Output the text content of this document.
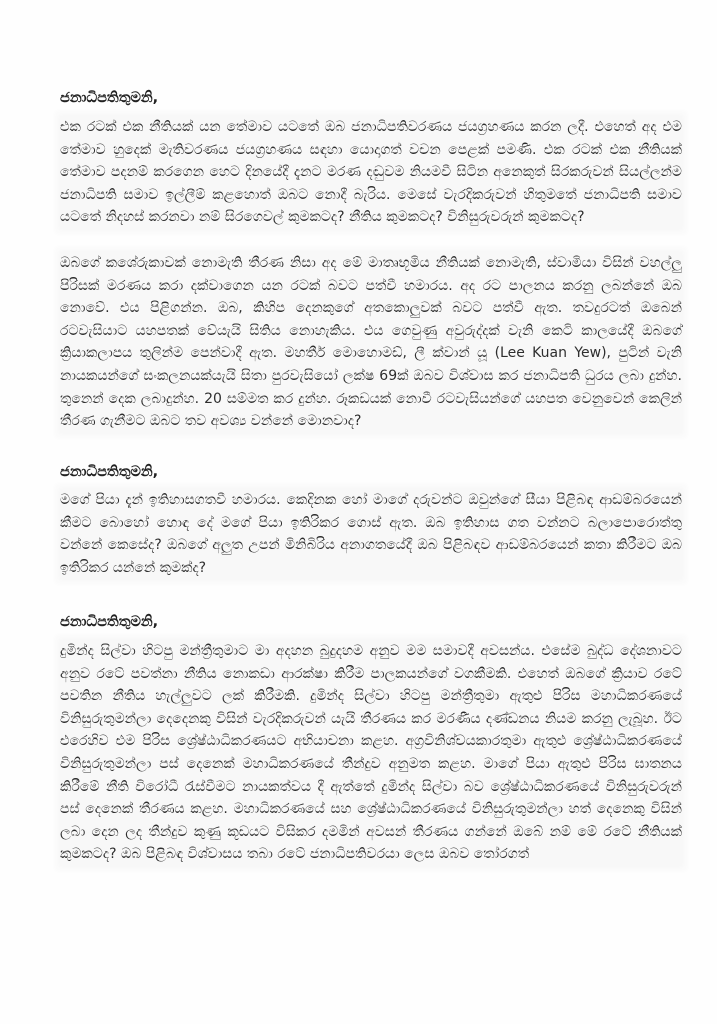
ජනාධිපතිතුමනි,
එක රටක් එක නීතියක් යන තේමාව යටතේ ඔබ ජනාධිපතිවරණය ජයග්‍රහණය කරන ලදී. එහෙත් අද එම තේමාව හුදෙක් මැතිවරණය ජයග්‍රහණය සඳහා යොදාගත් වචන පෙළක් පමණි. එක රටක් එක නීතියක් තේමාව පදනම් කරගෙන හෙට දිනයේදී දැනට මරණ දඬුවම නියමවී සිටින අනෙකුත් සිරකරුවන් සියල්ලන්ම ජනාධිපති සමාව ඉල්ලීම් කළහොත් ඔබට නොදී බැරිය. මෙසේ වැරදිකරුවන් හිතුමතේ ජනාධිපති සමාව යටතේ නිදහස් කරනවා නම් සිරගෙවල් කුමකටද? නීතිය කුමකටද? විනිසුරුවරුන් කුමකටද?
ඔබගේ කශේරුකාවක් නොමැති තීරණ නිසා අද මේ මාතෘභූමිය නීතියක් නොමැති, ස්වාමියා විසින් වහල්ලු පිරිසක් මරණය කරා දක්වාගෙන යන රටක් බවට පත්වී හමාරය. අද රට පාලනය කරනු ලබන්නේ ඔබ නොවේ. එය පිළිගන්න. ඔබ, කිහිප දෙනකුගේ අතකොලුවක් බවට පත්වී ඇත. තවදුරටත් ඔබෙන් රටවැසියාට යහපතක් වේයැයි සිතිය නොහැකිය. එය ගෙවුණු අවුරුද්දක් වැනි කෙටි කාලයේදී ඔබගේ ක්‍රියාකලාපය තුලින්ම පෙන්වාදී ඇත. මහතීර් මොහොමඩ්, ලී ක්වාන් යූ (Lee Kuan Yew), පුටින් වැනි නායකයන්ගේ සංකලනයක්යැයි සිතා පුරවැසියෝ ලක්ෂ 69ක් ඔබව විශ්වාස කර ජනාධිපති ධුරය ලබා දුන්හ. තුනෙන් දෙක ලබාදුන්හ. 20 සම්මත කර දුන්හ. රූකඩයක් නොවී රටවැසියන්ගේ යහපත වෙනුවෙන් කෙලින් තීරණ ගැනීමට ඔබට තව අවශ්‍ය වන්නේ මොනවාද?
ජනාධිපතිතුමනි,
මගේ පියා දැන් ඉතිහාසගතවී හමාරය. කෙදිනක හෝ මාගේ දරුවන්ට ඔවුන්ගේ සීයා පිළිබඳ ආඩම්බරයෙන් කීමට බොහෝ හොඳ දේ මගේ පියා ඉතිරිකර ගොස් ඇත. ඔබ ඉතිහාස ගත වන්නට බලාපොරොත්තු වන්නේ කෙසේද? ඔබගේ අලුත උපන් මිනිබිරිය අනාගතයේදී ඔබ පිළිබඳව ආඩම්බරයෙන් කතා කිරීමට ඔබ ඉතිරිකර යන්නේ කුමක්ද?
ජනාධිපතිතුමනි,
දුමින්ද සිල්වා හිටපු මන්ත්‍රීතුමාට මා අදහන බුදුදහම අනුව මම සමාවදී අවසන්ය. එසේම බුද්ධ දේශනාවට අනුව රටේ පවත්නා නීතිය නොකඩා ආරක්ෂා කිරීම පාලකයන්ගේ වගකීමකි. එහෙත් ඔබගේ ක්‍රියාව රටේ පවතින නීතිය හැල්ලුවට ලක් කිරීමකි. දුමින්ද සිල්වා හිටපු මන්ත්‍රීතුමා ඇතුළු පිරිස මහාධිකරණයේ විනිසුරුතුමන්ලා දෙදෙනකු විසින් වැරදිකරුවන් යැයි තීරණය කර මරණීය දණ්ඩනය නියම කරනු ලැබූහ. ඊට එරෙහිව එම පිරිස ශ්‍රේෂ්ඨාධිකරණයට අභියාචනා කළහ. අග්‍රවිනිශ්චයකාරතුමා ඇතුළු ශ්‍රේෂ්ඨාධිකරණයේ විනිසුරුතුමන්ලා පස් දෙනෙක් මහාධිකරණයේ තීන්දුව අනුමත කළහ. මාගේ පියා ඇතුළු පිරිස ඝාතනය කිරීමේ නීති විරෝධී රැස්වීමට නායකත්වය දී ඇත්තේ දුමින්ද සිල්වා බව ශ්‍රේෂ්ඨාධිකරණයේ විනිසුරුවරුන් පස් දෙනෙක් තීරණය කළහ. මහාධිකරණයේ සහ ශ්‍රේෂ්ඨාධිකරණයේ විනිසුරුතුමන්ලා හත් දෙනෙකු විසින් ලබා දෙන ලද තීන්දුව කුණු කූඩයට විසිකර දමමින් අවසන් තීරණය ගන්නේ ඔබේ නම් මේ රටේ නීතියක් කුමකටද? ඔබ පිළිබඳ විශ්වාසය තබා රටේ ජනාධිපතිවරයා ලෙස ඔබව තෝරගත්
